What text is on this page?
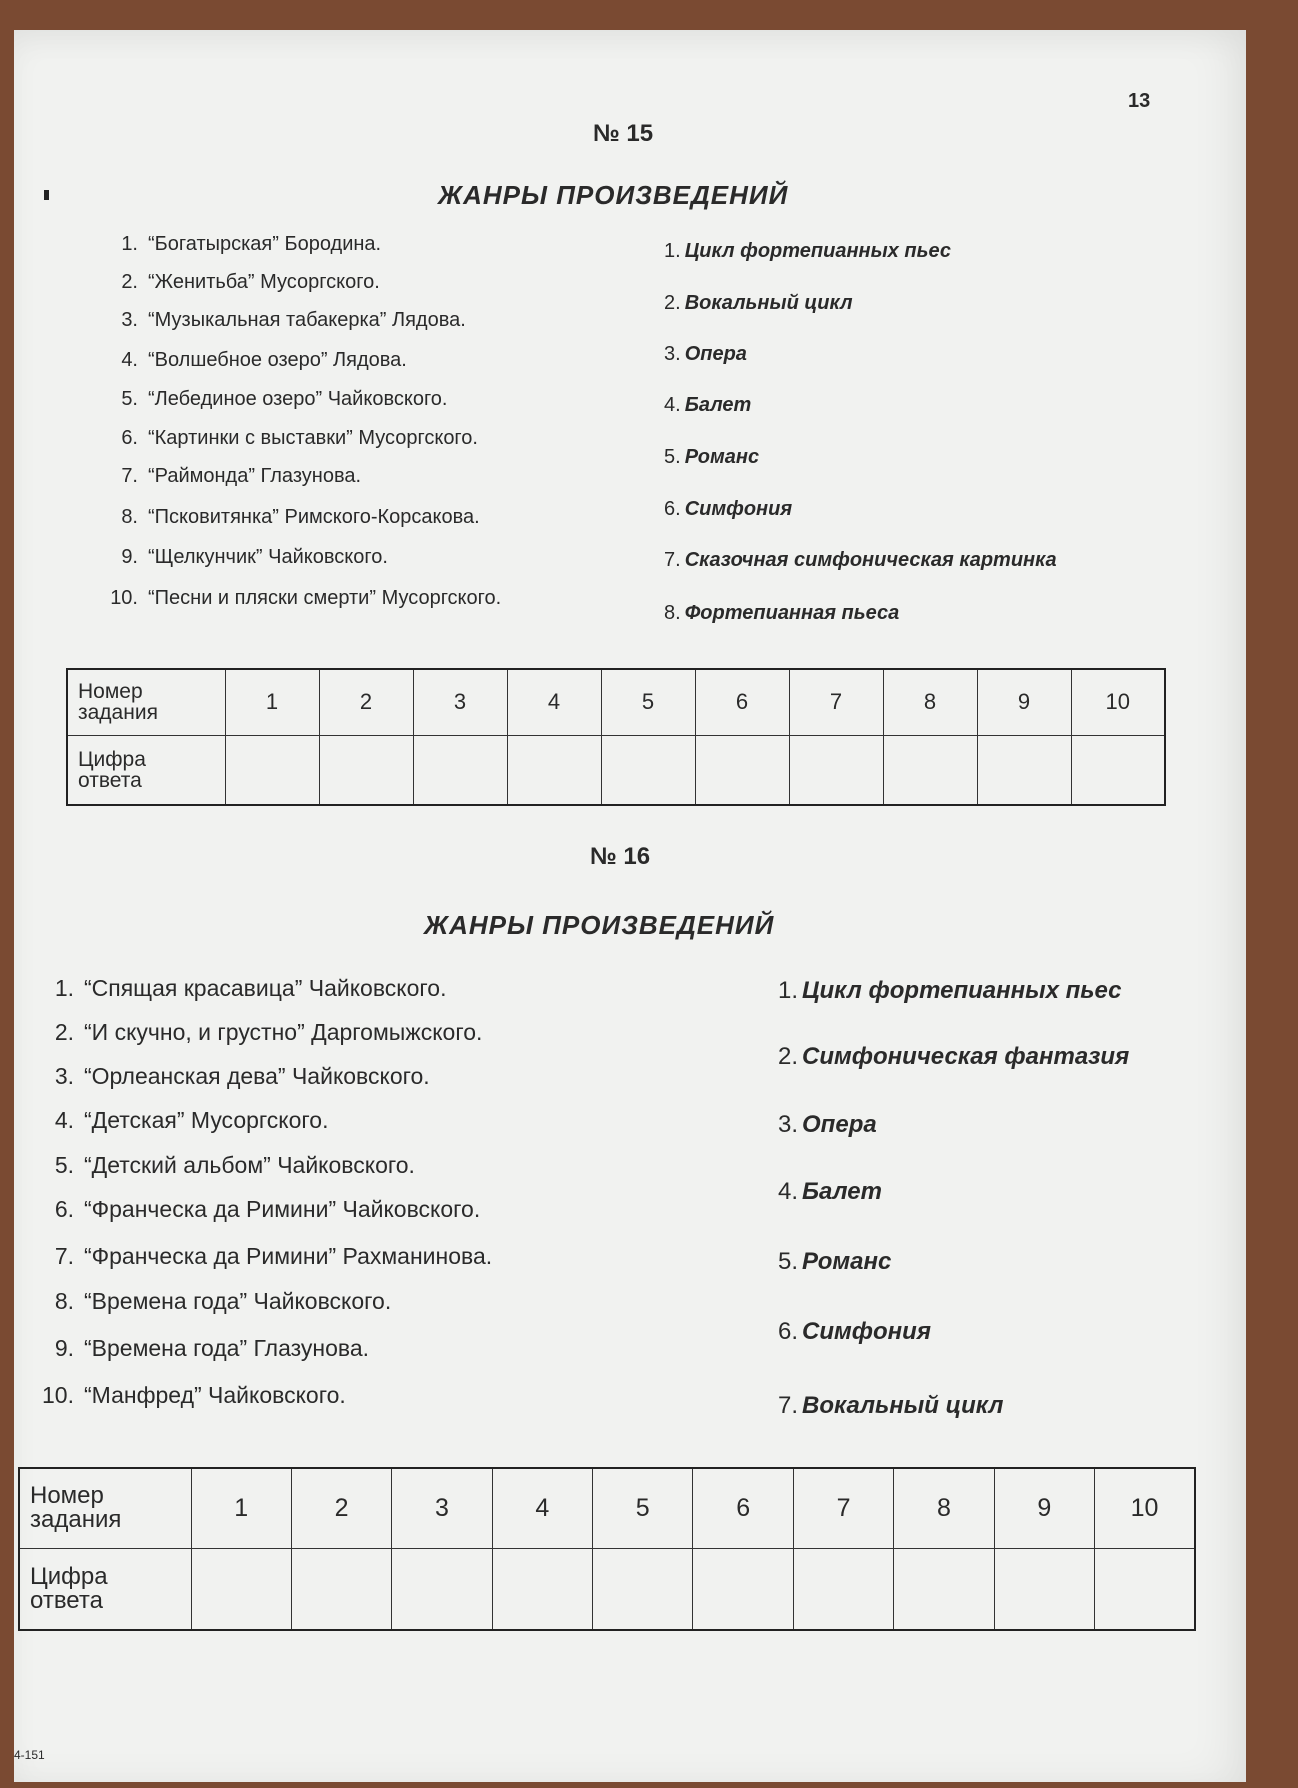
13
№ 15
ЖАНРЫ ПРОИЗВЕДЕНИЙ
1. “Богатырская” Бородина.
2. “Женитьба” Мусоргского.
3. “Музыкальная табакерка” Лядова.
4. “Волшебное озеро” Лядова.
5. “Лебединое озеро” Чайковского.
6. “Картинки с выставки” Мусоргского.
7. “Раймонда” Глазунова.
8. “Псковитянка” Римского-Корсакова.
9. “Щелкунчик” Чайковского.
10. “Песни и пляски смерти” Мусоргского.
1. Цикл фортепианных пьес
2. Вокальный цикл
3. Опера
4. Балет
5. Романс
6. Симфония
7. Сказочная симфоническая картинка
8. Фортепианная пьеса
Номер
задания	1	2	3	4	5	6	7	8	9	10

Цифра
ответа										

№ 16
ЖАНРЫ ПРОИЗВЕДЕНИЙ
1. “Спящая красавица” Чайковского.
2. “И скучно, и грустно” Даргомыжского.
3. “Орлеанская дева” Чайковского.
4. “Детская” Мусоргского.
5. “Детский альбом” Чайковского.
6. “Франческа да Римини” Чайковского.
7. “Франческа да Римини” Рахманинова.
8. “Времена года” Чайковского.
9. “Времена года” Глазунова.
10. “Манфред” Чайковского.
1. Цикл фортепианных пьес
2. Симфоническая фантазия
3. Опера
4. Балет
5. Романс
6. Симфония
7. Вокальный цикл
Номер
задания	1	2	3	4	5	6	7	8	9	10

Цифра
ответа										

4-151
